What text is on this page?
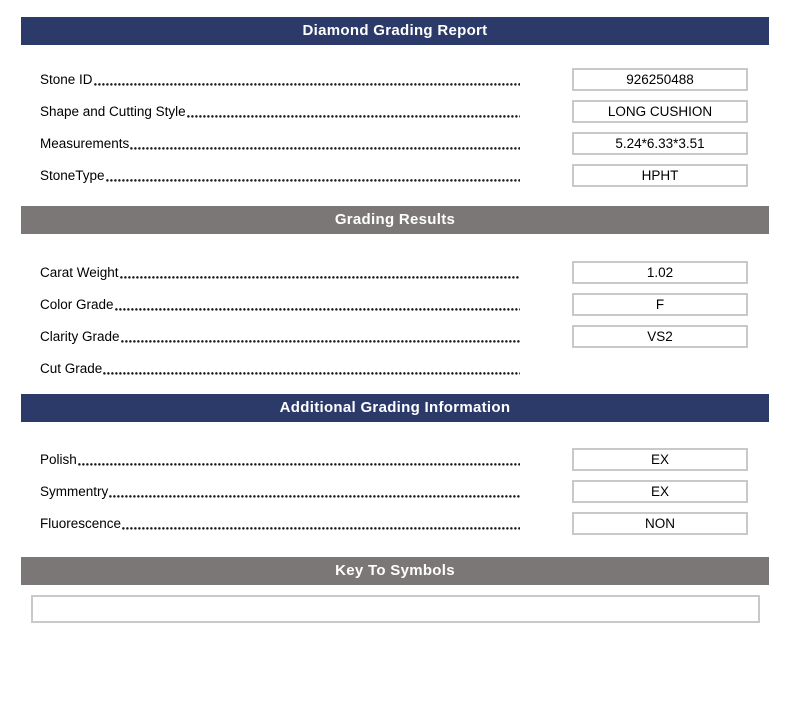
Diamond Grading Report
Stone ID	926250488
Shape and Cutting Style	LONG CUSHION
Measurements	5.24*6.33*3.51
StoneType	HPHT
Grading Results
Carat Weight	1.02
Color Grade	F
Clarity Grade	VS2
Cut Grade
Additional Grading Information
Polish	EX
Symmentry	EX
Fluorescence	NON
Key To Symbols
